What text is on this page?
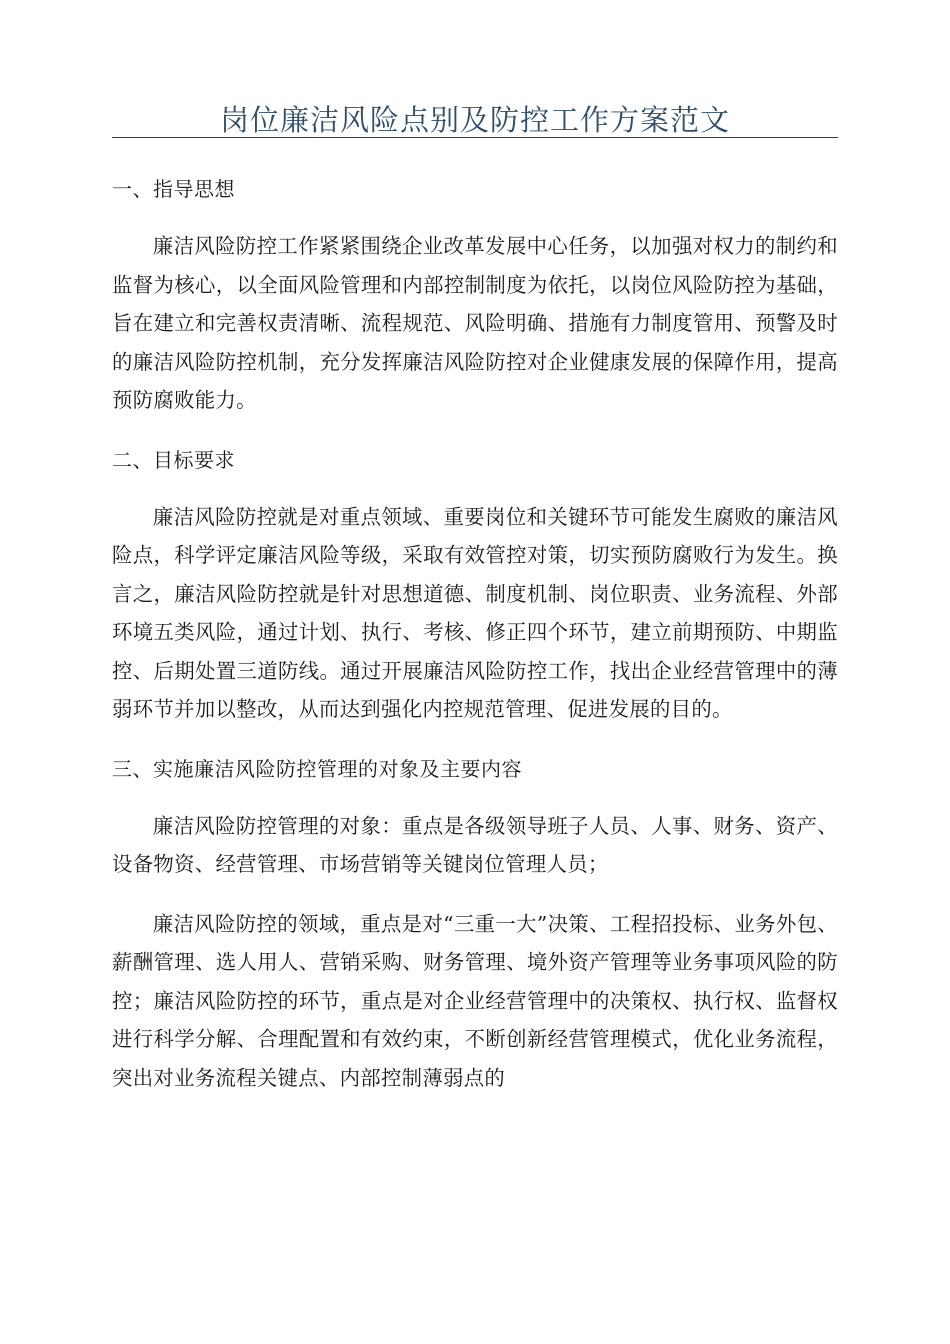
岗位廉洁风险点别及防控工作方案范文

一、指导思想

廉洁风险防控工作紧紧围绕企业改革发展中心任务，以加强对权力的制约和监督为核心，以全面风险管理和内部控制制度为依托，以岗位风险防控为基础，旨在建立和完善权责清晰、流程规范、风险明确、措施有力制度管用、预警及时的廉洁风险防控机制，充分发挥廉洁风险防控对企业健康发展的保障作用，提高预防腐败能力。

二、目标要求

廉洁风险防控就是对重点领域、重要岗位和关键环节可能发生腐败的廉洁风险点，科学评定廉洁风险等级，采取有效管控对策，切实预防腐败行为发生。换言之，廉洁风险防控就是针对思想道德、制度机制、岗位职责、业务流程、外部环境五类风险，通过计划、执行、考核、修正四个环节，建立前期预防、中期监控、后期处置三道防线。通过开展廉洁风险防控工作，找出企业经营管理中的薄弱环节并加以整改，从而达到强化内控规范管理、促进发展的目的。

三、实施廉洁风险防控管理的对象及主要内容

廉洁风险防控管理的对象：重点是各级领导班子人员、人事、财务、资产、设备物资、经营管理、市场营销等关键岗位管理人员；

廉洁风险防控的领域，重点是对“三重一大”决策、工程招投标、业务外包、薪酬管理、选人用人、营销采购、财务管理、境外资产管理等业务事项风险的防控；廉洁风险防控的环节，重点是对企业经营管理中的决策权、执行权、监督权进行科学分解、合理配置和有效约束，不断创新经营管理模式，优化业务流程，突出对业务流程关键点、内部控制薄弱点的
